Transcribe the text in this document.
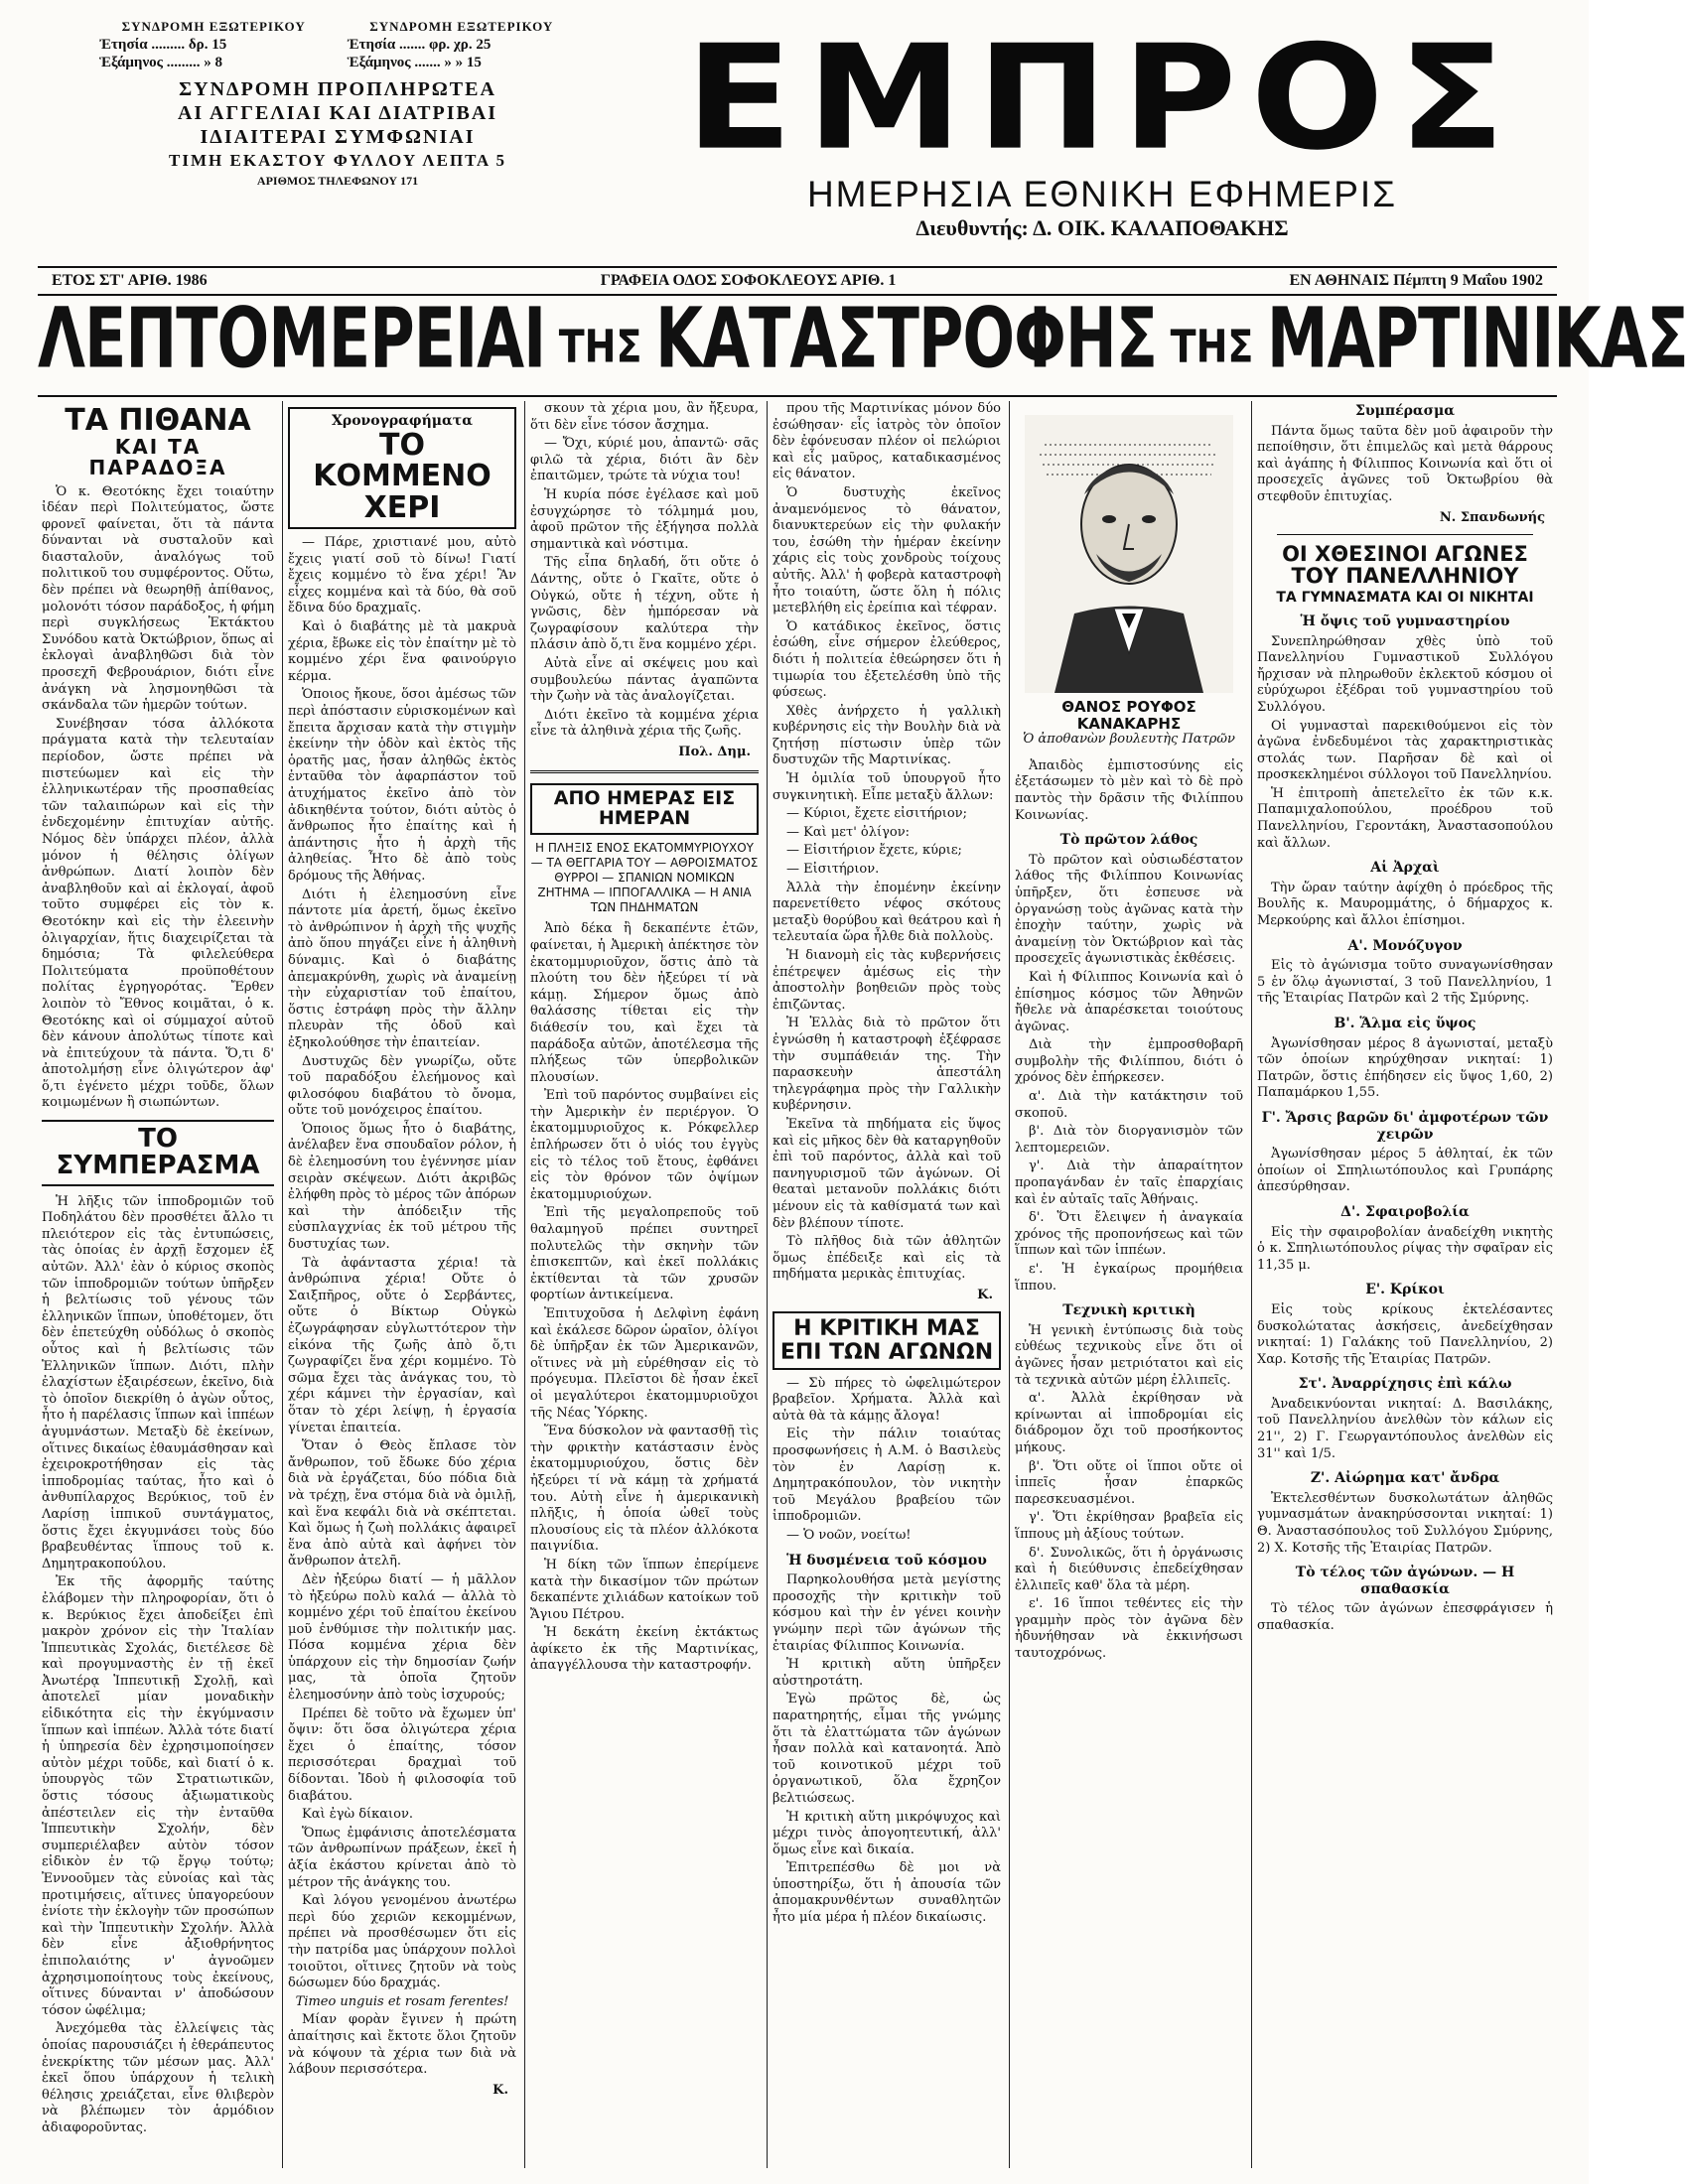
ΣΥΝΔΡΟΜΗ ΕΞΩΤΕΡΙΚΟΥ
Ἐτησία ......... δρ. 15
Ἑξάμηνος ......... » 8
ΣΥΝΔΡΟΜΗ ΕΞΩΤΕΡΙΚΟΥ
Ἐτησία ....... φρ. χρ. 25
Ἑξάμηνος ....... » » 15
ΣΥΝΔΡΟΜΗ ΠΡΟΠΛΗΡΩΤΕΑ
ΑΙ ΑΓΓΕΛΙΑΙ ΚΑΙ ΔΙΑΤΡΙΒΑΙ
ΙΔΙΑΙΤΕΡΑΙ ΣΥΜΦΩΝΙΑΙ
ΤΙΜΗ ΕΚΑΣΤΟΥ ΦΥΛΛΟΥ ΛΕΠΤΑ 5
ΑΡΙΘΜΟΣ ΤΗΛΕΦΩΝΟΥ 171	ΕΜΠΡΟΣ
ΗΜΕΡΗΣΙΑ ΕΘΝΙΚΗ ΕΦΗΜΕΡΙΣ
Διευθυντής: Δ. ΟΙΚ. ΚΑΛΑΠΟΘΑΚΗΣ
ΕΤΟΣ ΣΤ' ΑΡΙΘ. 1986	ΓΡΑΦΕΙΑ ΟΔΟΣ ΣΟΦΟΚΛΕΟΥΣ ΑΡΙΘ. 1	ΕΝ ΑΘΗΝΑΙΣ Πέμπτη 9 Μαΐου 1902
ΛΕΠΤΟΜΕΡΕΙΑΙ ΤΗΣ ΚΑΤΑΣΤΡΟΦΗΣ ΤΗΣ ΜΑΡΤΙΝΙΚΑΣ
ΤΑ ΠΙΘΑΝΑ
ΚΑΙ ΤΑ ΠΑΡΑΔΟΞΑ

Ὁ κ. Θεοτόκης ἔχει τοιαύτην ἰδέαν περὶ Πολιτεύματος, ὥστε φρονεῖ φαίνεται, ὅτι τὰ πάντα δύνανται νὰ συσταλοῦν καὶ διασταλοῦν, ἀναλόγως τοῦ πολιτικοῦ του συμφέροντος. Οὕτω, δὲν πρέπει νὰ θεωρηθῇ ἀπίθανος, μολονότι τόσον παράδοξος, ἡ φήμη περὶ συγκλήσεως Ἐκτάκτου Συνόδου κατὰ Ὀκτώβριον, ὅπως αἱ ἐκλογαὶ ἀναβληθῶσι διὰ τὸν προσεχῆ Φεβρουάριον, διότι εἶνε ἀνάγκη νὰ λησμονηθῶσι τὰ σκάνδαλα τῶν ἡμερῶν τούτων.

Συνέβησαν τόσα ἀλλόκοτα πράγματα κατὰ τὴν τελευταίαν περίοδον, ὥστε πρέπει νὰ πιστεύωμεν καὶ εἰς τὴν ἐλληνικωτέραν τῆς προσπαθείας τῶν ταλαιπώρων καὶ εἰς τὴν ἐνδεχομένην ἐπιτυχίαν αὐτῆς. Νόμος δὲν ὑπάρχει πλέον, ἀλλὰ μόνον ἡ θέλησις ὀλίγων ἀνθρώπων. Διατί λοιπὸν δὲν ἀναβληθοῦν καὶ αἱ ἐκλογαί, ἀφοῦ τοῦτο συμφέρει εἰς τὸν κ. Θεοτόκην καὶ εἰς τὴν ἐλεεινὴν ὀλιγαρχίαν, ἥτις διαχειρίζεται τὰ δημόσια; Τὰ φιλελεύθερα Πολιτεύματα προϋποθέτουν πολίτας ἐγρηγορότας. Ἔρθεν λοιπὸν τὸ Ἔθνος κοιμᾶται, ὁ κ. Θεοτόκης καὶ οἱ σύμμαχοί αὐτοῦ δὲν κάνουν ἀπολύτως τίποτε καὶ νὰ ἐπιτεύχουν τὰ πάντα. Ὅ,τι δ' ἀποτολμήσῃ εἶνε ὀλιγώτερον ἀφ' ὅ,τι ἐγένετο μέχρι τοῦδε, ὅλων κοιμωμένων ἢ σιωπώντων.

ΤΟ ΣΥΜΠΕΡΑΣΜΑ

Ἡ λῆξις τῶν ἱπποδρομιῶν τοῦ Ποδηλάτου δὲν προσθέτει ἄλλο τι πλειότερον εἰς τὰς ἐντυπώσεις, τὰς ὁποίας ἐν ἀρχῇ ἔσχομεν ἐξ αὐτῶν. Ἀλλ' ἐὰν ὁ κύριος σκοπὸς τῶν ἱπποδρομιῶν τούτων ὑπῆρξεν ἡ βελτίωσις τοῦ γένους τῶν ἑλληνικῶν ἵππων, ὑποθέτομεν, ὅτι δὲν ἐπετεύχθη οὐδόλως ὁ σκοπὸς οὗτος καὶ ἡ βελτίωσις τῶν Ἑλληνικῶν ἵππων. Διότι, πλὴν ἐλαχίστων ἐξαιρέσεων, ἐκεῖνο, διὰ τὸ ὁποῖον διεκρίθη ὁ ἀγὼν οὗτος, ἦτο ἡ παρέλασις ἵππων καὶ ἱππέων ἀγυμνάστων. Μεταξὺ δὲ ἐκείνων, οἵτινες δικαίως ἐθαυμάσθησαν καὶ ἐχειροκροτήθησαν εἰς τὰς ἱπποδρομίας ταύτας, ἦτο καὶ ὁ ἀνθυπίλαρχος Βερύκιος, τοῦ ἐν Λαρίσῃ ἱππικοῦ συντάγματος, ὅστις ἔχει ἐκγυμνάσει τοὺς δύο βραβευθέντας ἵππους τοῦ κ. Δημητρακοπούλου.

Ἐκ τῆς ἀφορμῆς ταύτης ἐλάβομεν τὴν πληροφορίαν, ὅτι ὁ κ. Βερύκιος ἔχει ἀποδείξει ἐπὶ μακρὸν χρόνον εἰς τὴν Ἰταλίαν Ἱππευτικὰς Σχολάς, διετέλεσε δὲ καὶ προγυμναστὴς ἐν τῇ ἐκεῖ Ἀνωτέρᾳ Ἱππευτικῇ Σχολῇ, καὶ ἀποτελεῖ μίαν μοναδικὴν εἰδικότητα εἰς τὴν ἐκγύμνασιν ἵππων καὶ ἱππέων. Ἀλλὰ τότε διατί ἡ ὑπηρεσία δὲν ἐχρησιμοποίησεν αὐτὸν μέχρι τοῦδε, καὶ διατί ὁ κ. ὑπουργὸς τῶν Στρατιωτικῶν, ὅστις τόσους ἀξιωματικοὺς ἀπέστειλεν εἰς τὴν ἐνταῦθα Ἱππευτικὴν Σχολήν, δὲν συμπεριέλαβεν αὐτὸν τόσον εἰδικὸν ἐν τῷ ἔργῳ τούτῳ; Ἐννοοῦμεν τὰς εὐνοίας καὶ τὰς προτιμήσεις, αἵτινες ὑπαγορεύουν ἐνίοτε τὴν ἐκλογὴν τῶν προσώπων καὶ τὴν Ἱππευτικὴν Σχολήν. Ἀλλὰ δὲν εἶνε ἀξιοθρήνητος ἐπιπολαιότης ν' ἀγνοῶμεν ἀχρησιμοποίητους τοὺς ἐκείνους, οἵτινες δύνανται ν' ἀποδώσουν τόσον ὠφέλιμα;

Ἀνεχόμεθα τὰς ἐλλείψεις τὰς ὁποίας παρουσιάζει ἡ ἐθεράπευτος ἐνεκρίκτης τῶν μέσων μας. Ἀλλ' ἐκεῖ ὅπου ὑπάρχουν ἡ τελικὴ θέλησις χρειάζεται, εἶνε θλιβερὸν νὰ βλέπωμεν τὸν ἁρμόδιον ἀδιαφοροῦντας.

Χρονογραφήματα
ΤΟ ΚΟΜΜΕΝΟ ΧΕΡΙ

— Πάρε, χριστιανέ μου, αὐτὸ ἔχεις γιατί σοῦ τὸ δίνω! Γιατί ἔχεις κομμένο τὸ ἕνα χέρι! Ἂν εἶχες κομμένα καὶ τὰ δύο, θὰ σοῦ ἔδινα δύο δραχμαῖς.

Καὶ ὁ διαβάτης μὲ τὰ μακρυὰ χέρια, ἔβωκε εἰς τὸν ἐπαίτην μὲ τὸ κομμένο χέρι ἕνα φαινούργιο κέρμα.

Ὁποιος ἤκουε, ὅσοι ἀμέσως τῶν περὶ ἀπόστασιν εὑρισκομένων καὶ ἔπειτα ἄρχισαν κατὰ τὴν στιγμὴν ἐκείνην τὴν ὁδὸν καὶ ἐκτὸς τῆς ὁρατῆς μας, ἦσαν ἀληθῶς ἐκτὸς ἐνταῦθα τὸν ἀφαρπάστον τοῦ ἀτυχήματος ἐκεῖνο ἀπὸ τὸν ἀδικηθέντα τούτον, διότι αὐτὸς ὁ ἄνθρωπος ἦτο ἐπαίτης καὶ ἡ ἀπάντησις ἦτο ἡ ἀρχὴ τῆς ἀληθείας. Ἦτο δὲ ἀπὸ τοὺς δρόμους τῆς Ἀθήνας.

Διότι ἡ ἐλεημοσύνη εἶνε πάντοτε μία ἀρετή, ὅμως ἐκεῖνο τὸ ἀνθρώπινον ἡ ἀρχὴ τῆς ψυχῆς ἀπὸ ὅπου πηγάζει εἶνε ἡ ἀληθινὴ δύναμις. Καὶ ὁ διαβάτης ἀπεμακρύνθη, χωρὶς νὰ ἀναμείνῃ τὴν εὐχαριστίαν τοῦ ἐπαίτου, ὅστις ἐστράφη πρὸς τὴν ἄλλην πλευρὰν τῆς ὁδοῦ καὶ ἐξηκολούθησε τὴν ἐπαιτείαν.

Δυστυχῶς δὲν γνωρίζω, οὔτε τοῦ παραδόξου ἐλεήμονος καὶ φιλοσόφου διαβάτου τὸ ὄνομα, οὔτε τοῦ μονόχειρος ἐπαίτου.

Ὁποιος ὅμως ἦτο ὁ διαβάτης, ἀνέλαβεν ἕνα σπουδαῖον ρόλον, ἡ δὲ ἐλεημοσύνη του ἐγέννησε μίαν σειρὰν σκέψεων. Διότι ἀκριβῶς ἐλήφθη πρὸς τὸ μέρος τῶν ἀπόρων καὶ τὴν ἀπόδειξιν τῆς εὐσπλαγχνίας ἐκ τοῦ μέτρου τῆς δυστυχίας των.

Τὰ ἀφάνταστα χέρια! τὰ ἀνθρώπινα χέρια! Οὔτε ὁ Σαιξπῆρος, οὔτε ὁ Σερβάντες, οὔτε ὁ Βίκτωρ Οὐγκὼ ἐζωγράφησαν εὐγλωττότερον τὴν εἰκόνα τῆς ζωῆς ἀπὸ ὅ,τι ζωγραφίζει ἕνα χέρι κομμένο. Τὸ σῶμα ἔχει τὰς ἀνάγκας του, τὸ χέρι κάμνει τὴν ἐργασίαν, καὶ ὅταν τὸ χέρι λείψῃ, ἡ ἐργασία γίνεται ἐπαιτεία.

Ὅταν ὁ Θεὸς ἔπλασε τὸν ἄνθρωπον, τοῦ ἔδωκε δύο χέρια διὰ νὰ ἐργάζεται, δύο πόδια διὰ νὰ τρέχῃ, ἕνα στόμα διὰ νὰ ὁμιλῇ, καὶ ἕνα κεφάλι διὰ νὰ σκέπτεται. Καὶ ὅμως ἡ ζωὴ πολλάκις ἀφαιρεῖ ἕνα ἀπὸ αὐτὰ καὶ ἀφήνει τὸν ἄνθρωπον ἀτελῆ.

Δὲν ἠξεύρω διατί — ἡ μᾶλλον τὸ ἠξεύρω πολὺ καλά — ἀλλὰ τὸ κομμένο χέρι τοῦ ἐπαίτου ἐκείνου μοῦ ἐνθύμισε τὴν πολιτικήν μας. Πόσα κομμένα χέρια δὲν ὑπάρχουν εἰς τὴν δημοσίαν ζωήν μας, τὰ ὁποῖα ζητοῦν ἐλεημοσύνην ἀπὸ τοὺς ἰσχυρούς;

Πρέπει δὲ τοῦτο νὰ ἔχωμεν ὑπ' ὄψιν: ὅτι ὅσα ὀλιγώτερα χέρια ἔχει ὁ ἐπαίτης, τόσον περισσότεραι δραχμαὶ τοῦ δίδονται. Ἰδοὺ ἡ φιλοσοφία τοῦ διαβάτου.

Καὶ ἐγὼ δίκαιον.

Ὅπως ἐμφάνισις ἀποτελέσματα τῶν ἀνθρωπίνων πράξεων, ἐκεῖ ἡ ἀξία ἑκάστου κρίνεται ἀπὸ τὸ μέτρον τῆς ἀνάγκης του.

Καὶ λόγου γενομένου ἀνωτέρω περὶ δύο χεριῶν κεκομμένων, πρέπει νὰ προσθέσωμεν ὅτι εἰς τὴν πατρίδα μας ὑπάρχουν πολλοὶ τοιοῦτοι, οἵτινες ζητοῦν νὰ τοὺς δώσωμεν δύο δραχμάς.

Timeo unguis et rosam ferentes!

Μίαν φορὰν ἔγινεν ἡ πρώτη ἀπαίτησις καὶ ἔκτοτε ὅλοι ζητοῦν νὰ κόψουν τὰ χέρια των διὰ νὰ λάβουν περισσότερα.

Κ.

σκουν τὰ χέρια μου, ἂν ἤξευρα, ὅτι δὲν εἶνε τόσον ἄσχημα.

— Ὄχι, κύριέ μου, ἀπαντῶ· σᾶς φιλῶ τὰ χέρια, διότι ἂν δὲν ἐπαιτῶμεν, τρώτε τὰ νύχια του!

Ἡ κυρία πόσε ἐγέλασε καὶ μοῦ ἐσυγχώρησε τὸ τόλμημά μου, ἀφοῦ πρῶτον τῆς ἐξήγησα πολλὰ σημαντικὰ καὶ νόστιμα.

Τῆς εἶπα δηλαδή, ὅτι οὔτε ὁ Δάντης, οὔτε ὁ Γκαῖτε, οὔτε ὁ Οὐγκώ, οὔτε ἡ τέχνη, οὔτε ἡ γνῶσις, δὲν ἠμπόρεσαν νὰ ζωγραφίσουν καλύτερα τὴν πλάσιν ἀπὸ ὅ,τι ἕνα κομμένο χέρι.

Αὐτὰ εἶνε αἱ σκέψεις μου καὶ συμβουλεύω πάντας ἀγαπῶντα τὴν ζωὴν νὰ τὰς ἀναλογίζεται.

Διότι ἐκεῖνο τὰ κομμένα χέρια εἶνε τὰ ἀληθινὰ χέρια τῆς ζωῆς.

Πολ. Δημ.
ΑΠΟ ΗΜΕΡΑΣ ΕΙΣ ΗΜΕΡΑΝ
Η ΠΛΗΞΙΣ ΕΝΟΣ ΕΚΑΤΟΜΜΥΡΙΟΥΧΟΥ — ΤΑ ΘΕΓΓΑΡΙΑ ΤΟΥ — ΑΘΡΟΙΣΜΑΤΟΣ ΘΥΡΡΟΙ — ΣΠΑΝΙΩΝ ΝΟΜΙΚΩΝ ΖΗΤΗΜΑ — ΙΠΠΟΓΑΛΛΙΚΑ — Η ΑΝΙΑ ΤΩΝ ΠΗΔΗΜΑΤΩΝ

Ἀπὸ δέκα ἢ δεκαπέντε ἐτῶν, φαίνεται, ἡ Ἀμερικὴ ἀπέκτησε τὸν ἐκατομμυριοῦχον, ὅστις ἀπὸ τὰ πλούτη του δὲν ἠξεύρει τί νὰ κάμῃ. Σήμερον ὅμως ἀπὸ θαλάσσης τίθεται εἰς τὴν διάθεσίν του, καὶ ἔχει τὰ παράδοξα αὐτῶν, ἀποτέλεσμα τῆς πλήξεως τῶν ὑπερβολικῶν πλουσίων.

Ἐπὶ τοῦ παρόντος συμβαίνει εἰς τὴν Ἀμερικὴν ἐν περιέργον. Ὁ ἐκατομμυριοῦχος κ. Ρόκφελλερ ἐπλήρωσεν ὅτι ὁ υἱός του ἐγγὺς εἰς τὸ τέλος τοῦ ἔτους, ἐφθάνει εἰς τὸν θρόνον τῶν ὀψίμων ἐκατομμυριούχων.

Ἐπὶ τῆς μεγαλοπρεποῦς τοῦ θαλαμηγοῦ πρέπει συντηρεῖ πολυτελῶς τὴν σκηνὴν τῶν ἐπισκεπτῶν, καὶ ἐκεῖ πολλάκις ἐκτίθενται τὰ τῶν χρυσῶν φορτίων ἀντικείμενα.

Ἐπιτυχοῦσα ἡ Δελφὶνη ἐφάνη καὶ ἐκάλεσε δῶρον ὡραῖον, ὀλίγοι δὲ ὑπῆρξαν ἐκ τῶν Ἀμερικανῶν, οἵτινες νὰ μὴ εὑρέθησαν εἰς τὸ πρόγευμα. Πλεῖστοι δὲ ἦσαν ἐκεῖ οἱ μεγαλύτεροι ἐκατομμυριοῦχοι τῆς Νέας Ὑόρκης.

Ἕνα δύσκολον νὰ φαντασθῇ τὶς τὴν φρικτὴν κατάστασιν ἑνὸς ἐκατομμυριούχου, ὅστις δὲν ἠξεύρει τί νὰ κάμῃ τὰ χρήματά του. Αὐτὴ εἶνε ἡ ἀμερικανικὴ πλῆξις, ἡ ὁποία ὠθεῖ τοὺς πλουσίους εἰς τὰ πλέον ἀλλόκοτα παιγνίδια.

Ἡ δίκη τῶν ἵππων ἐπερίμενε κατὰ τὴν δικασίμον τῶν πρώτων δεκαπέντε χιλιάδων κατοίκων τοῦ Ἄγιου Πέτρου.

Ἡ δεκάτη ἐκείνη ἐκτάκτως ἀφίκετο ἐκ τῆς Μαρτινίκας, ἀπαγγέλλουσα τὴν καταστροφήν.

πρου τῆς Μαρτινίκας μόνον δύο ἐσώθησαν· εἷς ἰατρὸς τὸν ὁποῖον δὲν ἐφόνευσαν πλέον οἱ πελώριοι καὶ εἷς μαῦρος, καταδικασμένος εἰς θάνατον.

Ὁ δυστυχὴς ἐκεῖνος ἀναμενόμενος τὸ θάνατον, διανυκτερεύων εἰς τὴν φυλακήν του, ἐσώθη τὴν ἡμέραν ἐκείνην χάρις εἰς τοὺς χονδροὺς τοίχους αὐτῆς. Ἀλλ' ἡ φοβερὰ καταστροφὴ ἦτο τοιαύτη, ὥστε ὅλη ἡ πόλις μετεβλήθη εἰς ἐρείπια καὶ τέφραν.

Ὁ κατάδικος ἐκεῖνος, ὅστις ἐσώθη, εἶνε σήμερον ἐλεύθερος, διότι ἡ πολιτεία ἐθεώρησεν ὅτι ἡ τιμωρία του ἐξετελέσθη ὑπὸ τῆς φύσεως.

Χθὲς ἀνήρχετο ἡ γαλλικὴ κυβέρνησις εἰς τὴν Βουλὴν διὰ νὰ ζητήσῃ πίστωσιν ὑπὲρ τῶν δυστυχῶν τῆς Μαρτινίκας.

Ἡ ὁμιλία τοῦ ὑπουργοῦ ἦτο συγκινητικὴ. Εἶπε μεταξὺ ἄλλων:

— Κύριοι, ἔχετε εἰσιτήριον;

— Καὶ μετ' ὀλίγον:

— Εἰσιτήριον ἔχετε, κύριε;

— Εἰσιτήριον.

Ἀλλὰ τὴν ἐπομένην ἐκείνην παρενετίθετο νέφος σκότους μεταξὺ θορύβου καὶ θεάτρου καὶ ἡ τελευταία ὥρα ἦλθε διὰ πολλοὺς.

Ἡ διανομὴ εἰς τὰς κυβερνήσεις ἐπέτρεψεν ἀμέσως εἰς τὴν ἀποστολὴν βοηθειῶν πρὸς τοὺς ἐπιζῶντας.

Ἡ Ἑλλὰς διὰ τὸ πρῶτον ὅτι ἐγνώσθη ἡ καταστροφὴ ἐξέφρασε τὴν συμπάθειάν της. Τὴν παρασκευὴν ἀπεστάλη τηλεγράφημα πρὸς τὴν Γαλλικὴν κυβέρνησιν.

Ἐκεῖνα τὰ πηδήματα εἰς ὕψος καὶ εἰς μῆκος δὲν θὰ καταργηθοῦν ἐπὶ τοῦ παρόντος, ἀλλὰ καὶ τοῦ πανηγυρισμοῦ τῶν ἀγώνων. Οἱ θεαταὶ μετανοῦν πολλάκις διότι μένουν εἰς τὰ καθίσματά των καὶ δὲν βλέπουν τίποτε.

Τὸ πλῆθος διὰ τῶν ἀθλητῶν ὅμως ἐπέδειξε καὶ εἰς τὰ πηδήματα μερικὰς ἐπιτυχίας.

Κ.
Η ΚΡΙΤΙΚΗ ΜΑΣ
ΕΠΙ ΤΩΝ ΑΓΩΝΩΝ

— Σὺ πήρες τὸ ὡφελιμώτερον βραβεῖον. Χρήματα. Ἀλλὰ καὶ αὐτὰ θὰ τὰ κάμῃς ἄλογα!

Εἰς τὴν πάλιν τοιαύτας προσφωνήσεις ἡ Α.Μ. ὁ Βασιλεὺς τὸν ἐν Λαρίσῃ κ. Δημητρακόπουλον, τὸν νικητὴν τοῦ Μεγάλου βραβείου τῶν ἱπποδρομιῶν.

— Ὁ νοῶν, νοείτω!

Ἡ δυσμένεια τοῦ κόσμου

Παρηκολουθήσα μετὰ μεγίστης προσοχῆς τὴν κριτικὴν τοῦ κόσμου καὶ τὴν ἐν γένει κοινὴν γνώμην περὶ τῶν ἀγώνων τῆς ἑταιρίας Φίλιππος Κοινωνία.

Ἡ κριτικὴ αὕτη ὑπῆρξεν αὐστηροτάτη.

Ἐγὼ πρῶτος δὲ, ὡς παρατηρητής, εἶμαι τῆς γνώμης ὅτι τὰ ἐλαττώματα τῶν ἀγώνων ἦσαν πολλὰ καὶ κατανοητά. Ἀπὸ τοῦ κοινοτικοῦ μέχρι τοῦ ὀργανωτικοῦ, ὅλα ἔχρηζον βελτιώσεως.

Ἡ κριτικὴ αὕτη μικρόψυχος καὶ μέχρι τινὸς ἀπογοητευτική, ἀλλ' ὅμως εἶνε καὶ δικαία.

Ἐπιτρεπέσθω δὲ μοι νὰ ὑποστηρίξω, ὅτι ἡ ἀπουσία τῶν ἀπομακρυνθέντων συναθλητῶν ἦτο μία μέρα ἡ πλέον δικαίωσις.

ΘΑΝΟΣ ΡΟΥΦΟΣ ΚΑΝΑΚΑΡΗΣ
Ὁ ἀποθανὼν βουλευτὴς Πατρῶν

Ἀπαιδὸς ἐμπιστοσύνης εἰς ἐξετάσωμεν τὸ μὲν καὶ τὸ δὲ πρὸ παντὸς τὴν δρᾶσιν τῆς Φιλίππου Κοινωνίας.

Τὸ πρῶτον λάθος

Τὸ πρῶτον καὶ οὐσιωδέστατον λάθος τῆς Φιλίππου Κοινωνίας ὑπῆρξεν, ὅτι ἐσπευσε νὰ ὀργανώσῃ τοὺς ἀγῶνας κατὰ τὴν ἐποχὴν ταύτην, χωρὶς νὰ ἀναμείνῃ τὸν Ὀκτώβριον καὶ τὰς προσεχεῖς ἀγωνιστικὰς ἐκθέσεις.

Καὶ ἡ Φίλιππος Κοινωνία καὶ ὁ ἐπίσημος κόσμος τῶν Ἀθηνῶν ἤθελε νὰ ἀπαρέσκεται τοιούτους ἀγῶνας.

Διὰ τὴν ἐμπροσθοβαρῆ συμβολὴν τῆς Φιλίππου, διότι ὁ χρόνος δὲν ἐπήρκεσεν.

α'. Διὰ τὴν κατάκτησιν τοῦ σκοποῦ.

β'. Διὰ τὸν διοργανισμὸν τῶν λεπτομερειῶν.

γ'. Διὰ τὴν ἀπαραίτητον προπαγάνδαν ἐν ταῖς ἐπαρχίαις καὶ ἐν αὐταῖς ταῖς Ἀθήναις.

δ'. Ὅτι ἔλειψεν ἡ ἀναγκαία χρόνος τῆς προπονήσεως καὶ τῶν ἵππων καὶ τῶν ἱππέων.

ε'. Ἡ ἐγκαίρως προμήθεια ἵππου.

Τεχνικὴ κριτικὴ

Ἡ γενικὴ ἐντύπωσις διὰ τοὺς εὐθέως τεχνικοὺς εἶνε ὅτι οἱ ἀγῶνες ἦσαν μετριότατοι καὶ εἰς τὰ τεχνικὰ αὐτῶν μέρη ἐλλιπεῖς.

α'. Ἀλλὰ ἐκρίθησαν νὰ κρίνωνται αἱ ἱπποδρομίαι εἰς διάδρομον ὄχι τοῦ προσήκοντος μήκους.

β'. Ὅτι οὔτε οἱ ἵπποι οὔτε οἱ ἱππεῖς ἦσαν ἐπαρκῶς παρεσκευασμένοι.

γ'. Ὅτι ἐκρίθησαν βραβεῖα εἰς ἵππους μὴ ἀξίους τούτων.

δ'. Συνολικῶς, ὅτι ἡ ὀργάνωσις καὶ ἡ διεύθυνσις ἐπεδείχθησαν ἐλλιπεῖς καθ' ὅλα τὰ μέρη.

ε'. 16 ἵπποι τεθέντες εἰς τὴν γραμμὴν πρὸς τὸν ἀγῶνα δὲν ἠδυνήθησαν νὰ ἐκκινήσωσι ταυτοχρόνως.

Συμπέρασμα

Πάντα ὅμως ταῦτα δὲν μοῦ ἀφαιροῦν τὴν πεποίθησιν, ὅτι ἐπιμελῶς καὶ μετὰ θάρρους καὶ ἀγάπης ἡ Φίλιππος Κοινωνία καὶ ὅτι οἱ προσεχεῖς ἀγῶνες τοῦ Ὀκτωβρίου θὰ στεφθοῦν ἐπιτυχίας.

Ν. Σπανδωνής
ΟΙ ΧΘΕΣΙΝΟΙ ΑΓΩΝΕΣ
ΤΟΥ ΠΑΝΕΛΛΗΝΙΟΥ
ΤΑ ΓΥΜΝΑΣΜΑΤΑ ΚΑΙ ΟΙ ΝΙΚΗΤΑΙ
Ἡ ὄψις τοῦ γυμναστηρίου

Συνεπληρώθησαν χθὲς ὑπὸ τοῦ Πανελληνίου Γυμναστικοῦ Συλλόγου ἤρχισαν νὰ πληρωθοῦν ἐκλεκτοῦ κόσμου οἱ εὐρύχωροι ἐξέδραι τοῦ γυμναστηρίου τοῦ Συλλόγου.

Οἱ γυμνασταὶ παρεκιθούμενοι εἰς τὸν ἀγῶνα ἐνδεδυμένοι τὰς χαρακτηριστικὰς στολάς των. Παρῆσαν δὲ καὶ οἱ προσκεκλημένοι σύλλογοι τοῦ Πανελληνίου.

Ἡ ἐπιτροπὴ ἀπετελεῖτο ἐκ τῶν κ.κ. Παπαμιχαλοπούλου, προέδρου τοῦ Πανελληνίου, Γεροντάκη, Ἀναστασοπούλου καὶ ἄλλων.

Αἱ Ἀρχαὶ

Τὴν ὥραν ταύτην ἀφίχθη ὁ πρόεδρος τῆς Βουλῆς κ. Μαυρομμάτης, ὁ δήμαρχος κ. Μερκούρης καὶ ἄλλοι ἐπίσημοι.

Α'. Μονόζυγον

Εἰς τὸ ἀγώνισμα τοῦτο συναγωνίσθησαν 5 ἐν ὅλῳ ἀγωνισταί, 3 τοῦ Πανελληνίου, 1 τῆς Ἑταιρίας Πατρῶν καὶ 2 τῆς Σμύρνης.

Β'. Ἅλμα εἰς ὕψος

Ἀγωνίσθησαν μέρος 8 ἀγωνισταί, μεταξὺ τῶν ὁποίων κηρύχθησαν νικηταί: 1) Πατρῶν, ὅστις ἐπήδησεν εἰς ὕψος 1,60, 2) Παπαμάρκου 1,55.

Γ'. Ἄρσις βαρῶν δι' ἀμφοτέρων τῶν χειρῶν

Ἀγωνίσθησαν μέρος 5 ἀθληταί, ἐκ τῶν ὁποίων οἱ Σπηλιωτόπουλος καὶ Γρυπάρης ἀπεσύρθησαν.

Δ'. Σφαιροβολία

Εἰς τὴν σφαιροβολίαν ἀναδείχθη νικητὴς ὁ κ. Σπηλιωτόπουλος ρίψας τὴν σφαῖραν εἰς 11,35 μ.

Ε'. Κρίκοι

Εἰς τοὺς κρίκους ἐκτελέσαντες δυσκολώτατας ἀσκήσεις, ἀνεδείχθησαν νικηταί: 1) Γαλάκης τοῦ Πανελληνίου, 2) Χαρ. Κοτσῆς τῆς Ἑταιρίας Πατρῶν.

Στ'. Ἀναρρίχησις ἐπὶ κάλω

Ἀναδεικνύονται νικηταί: Δ. Βασιλάκης, τοῦ Πανελληνίου ἀνελθὼν τὸν κάλων εἰς 21'', 2) Γ. Γεωργαντόπουλος ἀνελθὼν εἰς 31'' καὶ 1/5.

Ζ'. Αἰώρημα κατ' ἄνδρα

Ἐκτελεσθέντων δυσκολωτάτων ἀληθῶς γυμνασμάτων ἀνακηρύσσονται νικηταί: 1) Θ. Ἀναστασόπουλος τοῦ Συλλόγου Σμύρνης, 2) Χ. Κοτσῆς τῆς Ἑταιρίας Πατρῶν.

Τὸ τέλος τῶν ἀγώνων. — Η σπαθασκία

Τὸ τέλος τῶν ἀγώνων ἐπεσφράγισεν ἡ σπαθασκία.
